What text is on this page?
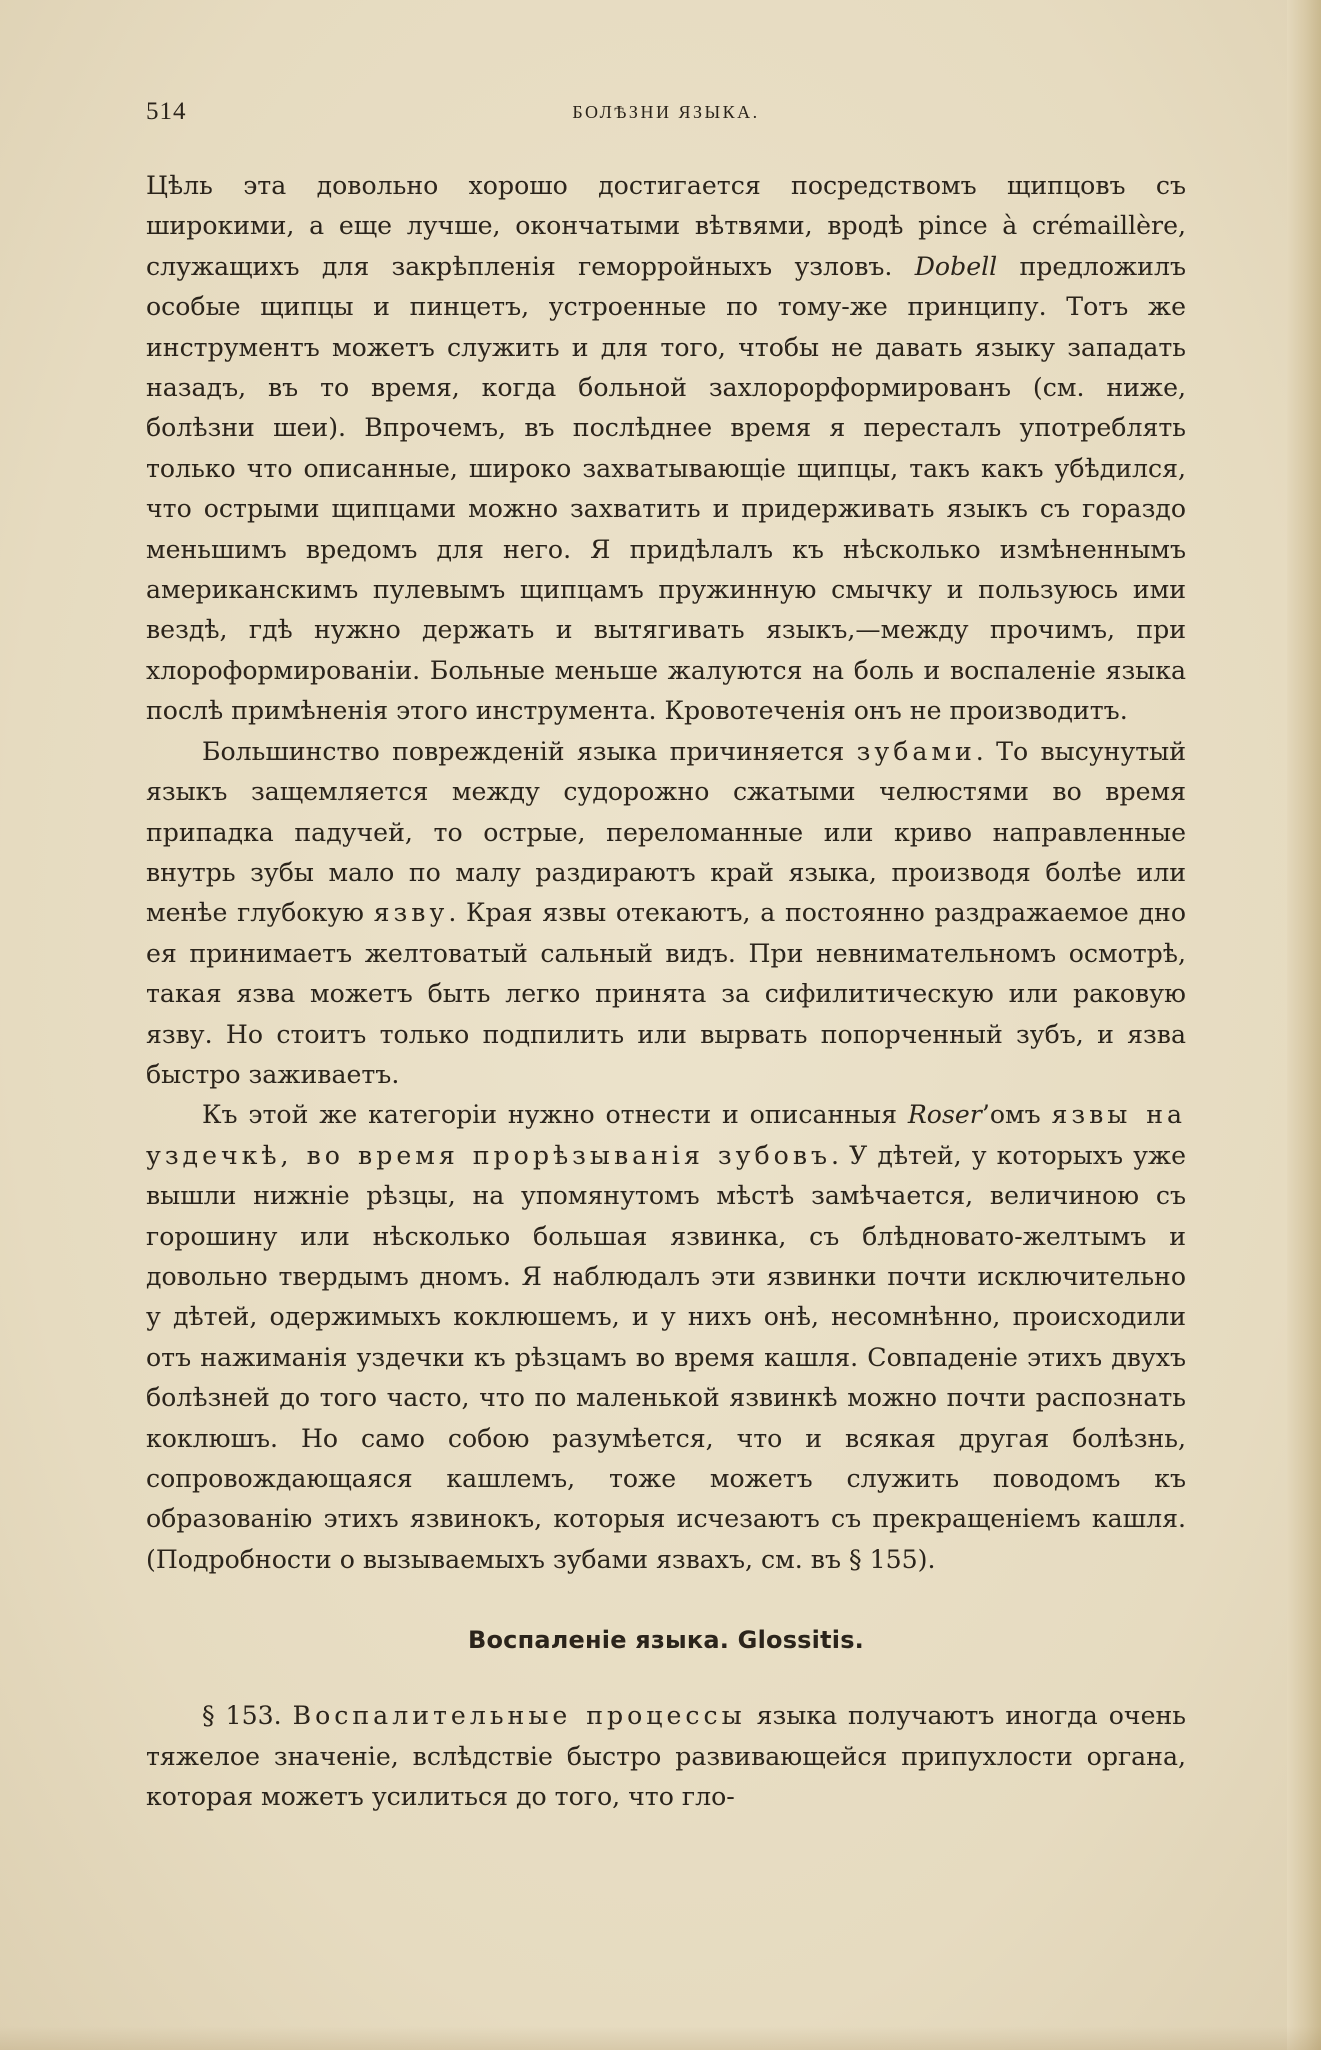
514	БОЛѢЗНИ ЯЗЫКА.

Цѣль эта довольно хорошо достигается посредствомъ щипцовъ съ широкими, а еще лучше, окончатыми вѣтвями, вродѣ pince à crémaillère, служащихъ для закрѣпленія геморройныхъ узловъ. Dobell предложилъ особые щипцы и пинцетъ, устроенные по тому-же принципу. Тотъ же инструментъ можетъ служить и для того, чтобы не давать языку западать назадъ, въ то время, когда больной захлорорформированъ (см. ниже, болѣзни шеи). Впрочемъ, въ послѣднее время я пересталъ употреблять только что описанные, широко захватывающіе щипцы, такъ какъ убѣдился, что острыми щипцами можно захватить и придерживать языкъ съ гораздо меньшимъ вредомъ для него. Я придѣлалъ къ нѣсколько измѣненнымъ американскимъ пулевымъ щипцамъ пружинную смычку и пользуюсь ими вездѣ, гдѣ нужно держать и вытягивать языкъ,—между прочимъ, при хлороформированіи. Больные меньше жалуются на боль и воспаленіе языка послѣ примѣненія этого инструмента. Кровотеченія онъ не производитъ.

Большинство поврежденій языка причиняется зубами. То высунутый языкъ защемляется между судорожно сжатыми челюстями во время припадка падучей, то острые, переломанные или криво направленные внутрь зубы мало по малу раздираютъ край языка, производя болѣе или менѣе глубокую язву. Края язвы отекаютъ, а постоянно раздражаемое дно ея принимаетъ желтоватый сальный видъ. При невнимательномъ осмотрѣ, такая язва можетъ быть легко принята за сифилитическую или раковую язву. Но стоитъ только подпилить или вырвать попорченный зубъ, и язва быстро заживаетъ.

Къ этой же категоріи нужно отнести и описанныя Roser’омъ язвы на уздечкѣ, во время прорѣзыванія зубовъ. У дѣтей, у которыхъ уже вышли нижніе рѣзцы, на упомянутомъ мѣстѣ замѣчается, величиною съ горошину или нѣсколько большая язвинка, съ блѣдновато-желтымъ и довольно твердымъ дномъ. Я наблюдалъ эти язвинки почти исключительно у дѣтей, одержимыхъ коклюшемъ, и у нихъ онѣ, несомнѣнно, происходили отъ нажиманія уздечки къ рѣзцамъ во время кашля. Совпаденіе этихъ двухъ болѣзней до того часто, что по маленькой язвинкѣ можно почти распознать коклюшъ. Но само собою разумѣется, что и всякая другая болѣзнь, сопровождающаяся кашлемъ, тоже можетъ служить поводомъ къ образованію этихъ язвинокъ, которыя исчезаютъ съ прекращеніемъ кашля. (Подробности о вызываемыхъ зубами язвахъ, см. въ § 155).

Воспаленіе языка. Glossitis.

§ 153. Воспалительные процессы языка получаютъ иногда очень тяжелое значеніе, вслѣдствіе быстро развивающейся припухлости органа, которая можетъ усилиться до того, что гло-
